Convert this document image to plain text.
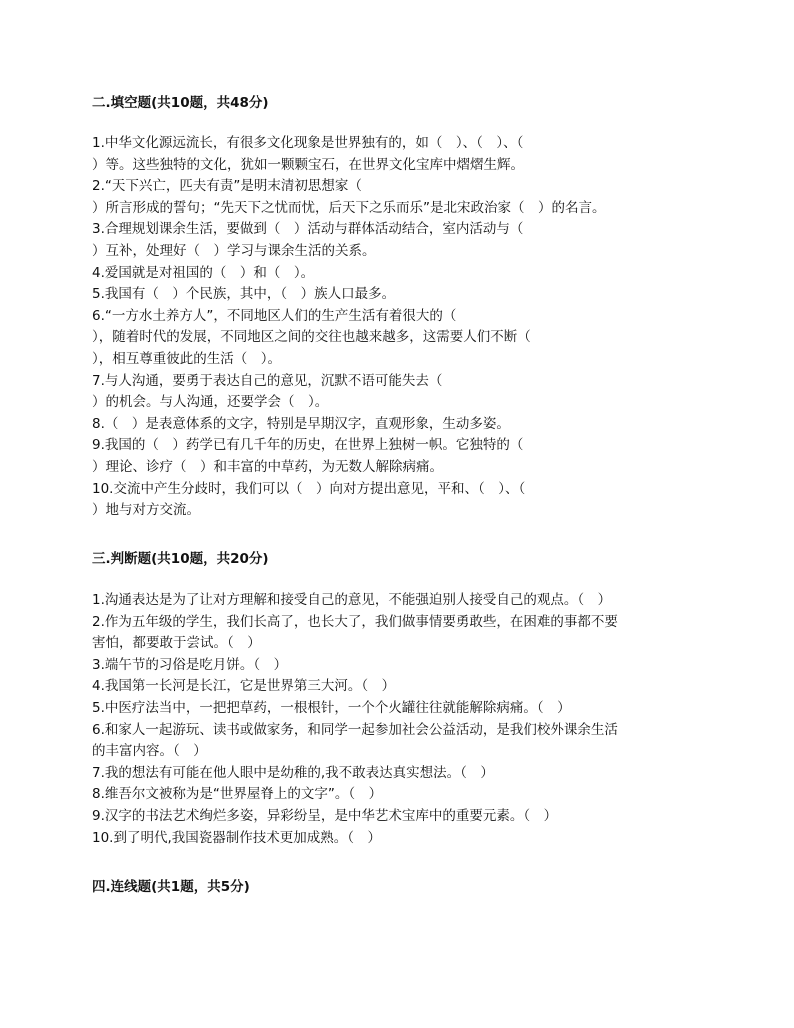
二.填空题(共10题，共48分)
1.中华文化源远流长，有很多文化现象是世界独有的，如（　）、（　）、（
）等。这些独特的文化，犹如一颗颗宝石，在世界文化宝库中熠熠生辉。
2.“天下兴亡，匹夫有责”是明末清初思想家（
）所言形成的誓句；“先天下之忧而忧，后天下之乐而乐”是北宋政治家（　）的名言。
3.合理规划课余生活，要做到（　）活动与群体活动结合，室内活动与（
）互补，处理好（　）学习与课余生活的关系。
4.爱国就是对祖国的（　）和（　）。
5.我国有（　）个民族，其中，（　）族人口最多。
6.“一方水土养方人”，不同地区人们的生产生活有着很大的（
），随着时代的发展，不同地区之间的交往也越来越多，这需要人们不断（
），相互尊重彼此的生活（　）。
7.与人沟通，要勇于表达自己的意见，沉默不语可能失去（
）的机会。与人沟通，还要学会（　）。
8.（　）是表意体系的文字，特别是早期汉字，直观形象，生动多姿。
9.我国的（　）药学已有几千年的历史，在世界上独树一帜。它独特的（
）理论、诊疗（　）和丰富的中草药，为无数人解除病痛。
10.交流中产生分歧时，我们可以（　）向对方提出意见，平和、（　）、（
）地与对方交流。
三.判断题(共10题，共20分)
1.沟通表达是为了让对方理解和接受自己的意见，不能强迫别人接受自己的观点。（　）
2.作为五年级的学生，我们长高了，也长大了，我们做事情要勇敢些，在困难的事都不要
害怕，都要敢于尝试。（　）
3.端午节的习俗是吃月饼。（　）
4.我国第一长河是长江，它是世界第三大河。（　）
5.中医疗法当中，一把把草药，一根根针，一个个火罐往往就能解除病痛。（　）
6.和家人一起游玩、读书或做家务，和同学一起参加社会公益活动，是我们校外课余生活
的丰富内容。（　）
7.我的想法有可能在他人眼中是幼稚的,我不敢表达真实想法。（　）
8.维吾尔文被称为是“世界屋脊上的文字”。（　）
9.汉字的书法艺术绚烂多姿，异彩纷呈，是中华艺术宝库中的重要元素。（　）
10.到了明代,我国瓷器制作技术更加成熟。（　）
四.连线题(共1题，共5分)
